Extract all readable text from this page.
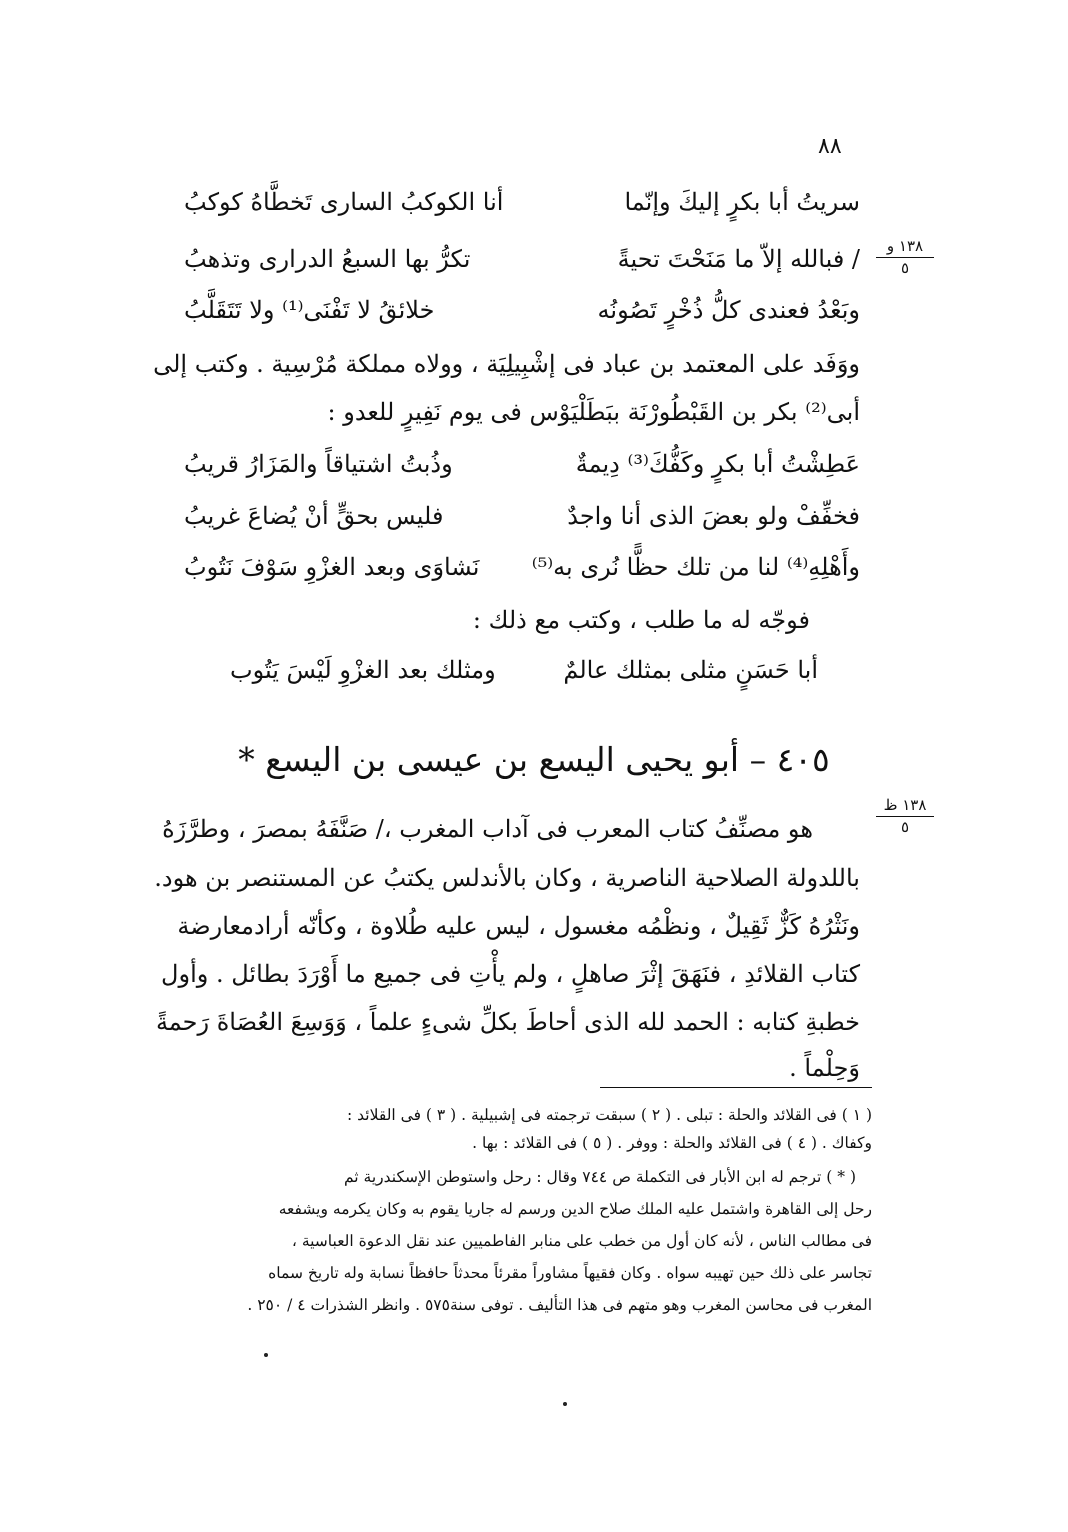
٨٨
١٣٨ و
٥
١٣٨ ظ
٥
سريتُ أبا بكرٍ إليكَ وإنّما
أنا الكوكبُ السارى تَخطَّاهُ كوكبُ
/ فبالله إلاّ ما مَنَحْتَ تحيةً
تكرُّ بها السبعُ الدرارى وتذهبُ
وبَعْدُ فعندى كلُّ ذُخْرٍ تَصُونُه
خلائقُ لا تَفْنَى⁽¹⁾ ولا تَتَقَلَّبُ
ووَفَد على المعتمد بن عباد فى إشْبِيلِيَة ، وولاه مملكة مُرْسِية . وكتب إلى
أبى⁽²⁾ بكر بن القَبْطُورْنَة ببَطَلْيَوْس فى يوم نَفِيرٍ للعدو :
عَطِشْتُ أبا بكرٍ وكَفُّكَ⁽³⁾ دِيمةٌ
وذُبتُ اشتياقاً والمَزَارُ قريبُ
فخفِّفْ ولو بعضَ الذى أنا واجدٌ
فليس بحقٍّ أنْ يُضاعَ غريبُ
وأَهْلِهِ⁽⁴⁾ لنا من تلك حظًّا نُرى به⁽⁵⁾
نَشاوَى وبعد الغزْوِ سَوْفَ نَتُوبُ
فوجّه له ما طلب ، وكتب مع ذلك :
أبا حَسَنٍ مثلى بمثلك عالمٌ
ومثلك بعد الغزْوِ لَيْسَ يَتُوب
٤٠٥ – أبو يحيى اليسع بن عيسى بن اليسع *
هو مصنِّفُ كتاب المعرب فى آداب المغرب ،/ صَنَّفَهُ بمصرَ ، وطرَّزَهُ
باللدولة الصلاحية الناصرية ، وكان بالأندلس يكتبُ عن المستنصر بن هود.
ونَثْرُهُ كَزٌّ ثَقِيلٌ ، ونظْمُه مغسول ، ليس عليه طُلاوة ، وكأنّه أرادمعارضة
كتاب القلائدِ ، فنَهَقَ إثْرَ صاهلٍ ، ولم يأْتِ فى جميع ما أَوْرَدَ بطائل . وأول
خطبةِ كتابه : الحمد لله الذى أحاطَ بكلِّ شىءٍ علماً ، وَوَسِعَ العُصَاةَ رَحمةً
وَحِلْماً .
( ١ ) فى القلائد والحلة : تبلى . ( ٢ ) سبقت ترجمته فى إشبيلية . ( ٣ ) فى القلائد :
وكفاك . ( ٤ ) فى القلائد والحلة : ووفر . ( ٥ ) فى القلائد : بها .
( * ) ترجم له ابن الأبار فى التكملة ص ٧٤٤ وقال : رحل واستوطن الإسكندرية ثم
رحل إلى القاهرة واشتمل عليه الملك صلاح الدين ورسم له جاريا يقوم به وكان يكرمه ويشفعه
فى مطالب الناس ، لأنه كان أول من خطب على منابر الفاطميين عند نقل الدعوة العباسية ،
تجاسر على ذلك حين تهيبه سواه . وكان فقيهاً مشاوراً مقرئاً محدثاً حافظاً نسابة وله تاريخ سماه
المغرب فى محاسن المغرب وهو متهم فى هذا التأليف . توفى سنة٥٧٥ . وانظر الشذرات ٤ / ٢٥٠ .
